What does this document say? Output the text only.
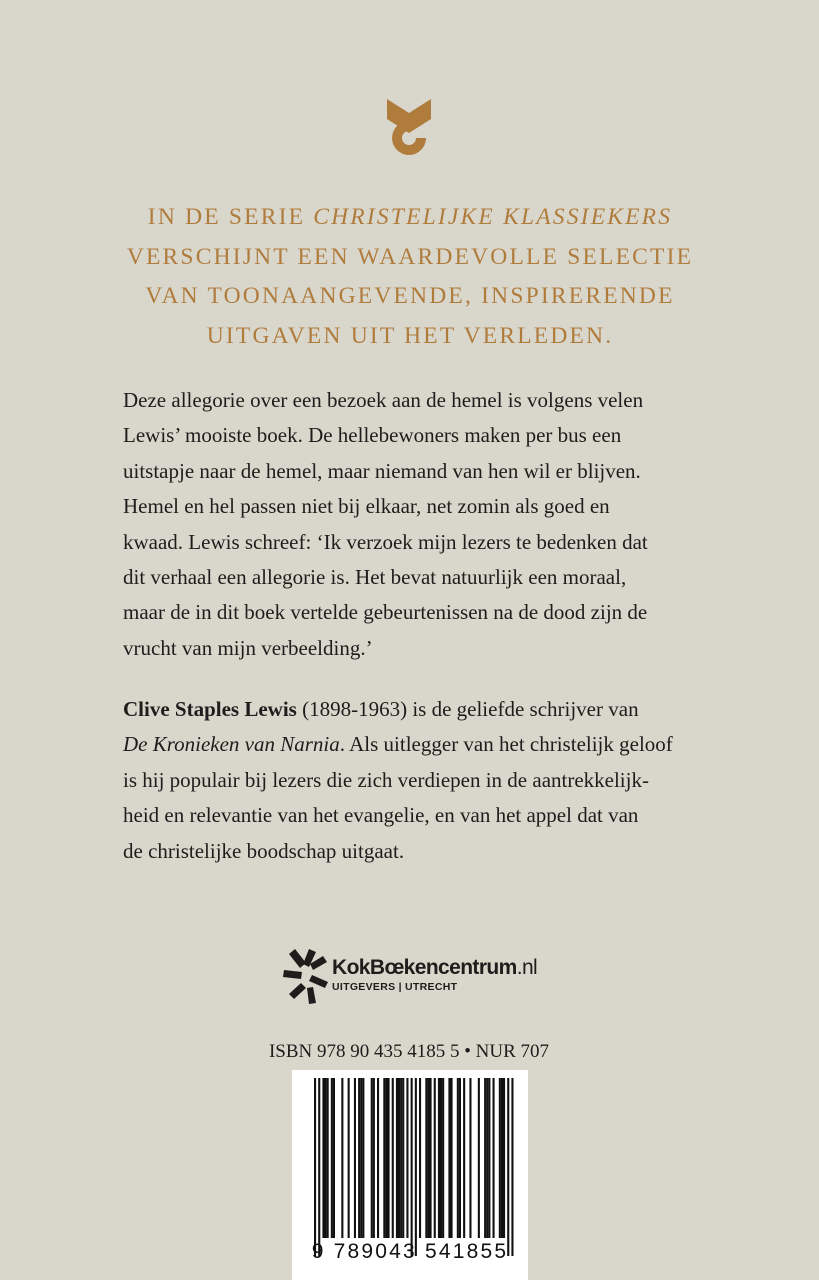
IN DE SERIE CHRISTELIJKE KLASSIEKERS
VERSCHIJNT EEN WAARDEVOLLE SELECTIE
VAN TOONAANGEVENDE, INSPIRERENDE
UITGAVEN UIT HET VERLEDEN.
Deze allegorie over een bezoek aan de hemel is volgens velen
Lewis’ mooiste boek. De hellebewoners maken per bus een
uitstapje naar de hemel, maar niemand van hen wil er blijven.
Hemel en hel passen niet bij elkaar, net zomin als goed en
kwaad. Lewis schreef: ‘Ik verzoek mijn lezers te bedenken dat
dit verhaal een allegorie is. Het bevat natuurlijk een moraal,
maar de in dit boek vertelde gebeurtenissen na de dood zijn de
vrucht van mijn verbeelding.’
Clive Staples Lewis (1898-1963) is de geliefde schrijver van
De Kronieken van Narnia. Als uitlegger van het christelijk geloof
is hij populair bij lezers die zich verdiepen in de aantrekkelijk-
heid en relevantie van het evangelie, en van het appel dat van
de christelijke boodschap uitgaat.
KokBœkencentrum.nl
UITGEVERS | UTRECHT
ISBN 978 90 435 4185 5 • NUR 707
9 789043 541855
